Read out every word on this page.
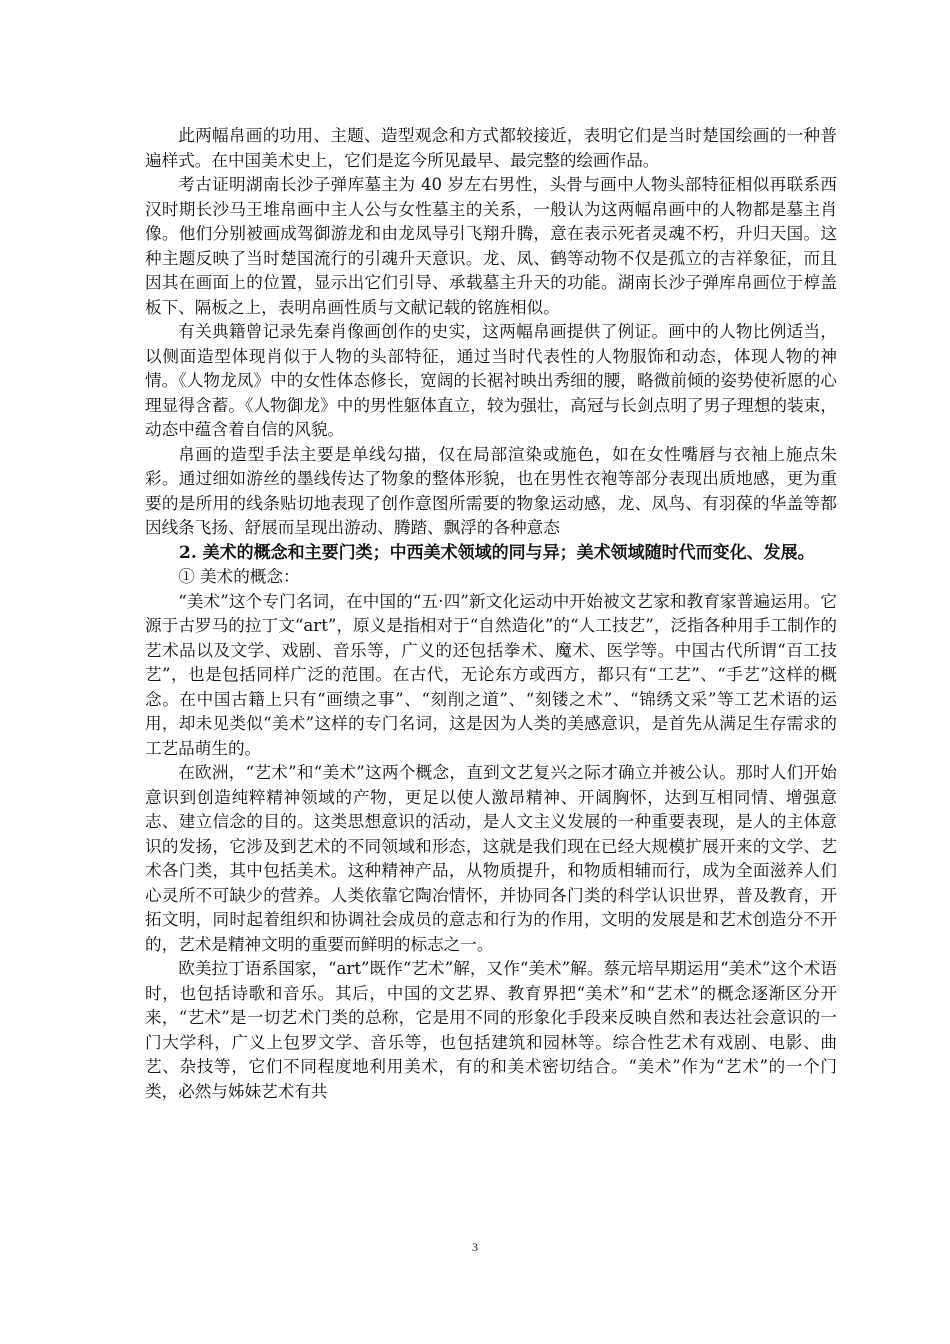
此两幅帛画的功用、主题、造型观念和方式都较接近，表明它们是当时楚国绘画的一种普遍样式。在中国美术史上，它们是迄今所见最早、最完整的绘画作品。

考古证明湖南长沙子弹库墓主为 40 岁左右男性，头骨与画中人物头部特征相似再联系西汉时期长沙马王堆帛画中主人公与女性墓主的关系，一般认为这两幅帛画中的人物都是墓主肖像。他们分别被画成驾御游龙和由龙凤导引飞翔升腾，意在表示死者灵魂不朽，升归天国。这种主题反映了当时楚国流行的引魂升天意识。龙、凤、鹤等动物不仅是孤立的吉祥象征，而且因其在画面上的位置，显示出它们引导、承载墓主升天的功能。湖南长沙子弹库帛画位于椁盖板下、隔板之上，表明帛画性质与文献记载的铭旌相似。

有关典籍曾记录先秦肖像画创作的史实，这两幅帛画提供了例证。画中的人物比例适当，以侧面造型体现肖似于人物的头部特征，通过当时代表性的人物服饰和动态，体现人物的神情。《人物龙凤》中的女性体态修长，宽阔的长裾衬映出秀细的腰，略微前倾的姿势使祈愿的心理显得含蓄。《人物御龙》中的男性躯体直立，较为强壮，高冠与长剑点明了男子理想的装束，动态中蕴含着自信的风貌。

帛画的造型手法主要是单线勾描，仅在局部渲染或施色，如在女性嘴唇与衣袖上施点朱彩。通过细如游丝的墨线传达了物象的整体形貌，也在男性衣袍等部分表现出质地感，更为重要的是所用的线条贴切地表现了创作意图所需要的物象运动感，龙、凤鸟、有羽葆的华盖等都因线条飞扬、舒展而呈现出游动、腾踏、飘浮的各种意态

2. 美术的概念和主要门类；中西美术领域的同与异；美术领域随时代而变化、发展。

① 美术的概念：

“美术”这个专门名词，在中国的“五·四”新文化运动中开始被文艺家和教育家普遍运用。它源于古罗马的拉丁文“art”，原义是指相对于“自然造化”的“人工技艺”，泛指各种用手工制作的艺术品以及文学、戏剧、音乐等，广义的还包括拳术、魔术、医学等。中国古代所谓“百工技艺”，也是包括同样广泛的范围。在古代，无论东方或西方，都只有“工艺”、“手艺”这样的概念。在中国古籍上只有“画缋之事”、“刻削之道”、“刻镂之术”、“锦绣文采”等工艺术语的运用，却未见类似“美术”这样的专门名词，这是因为人类的美感意识，是首先从满足生存需求的工艺品萌生的。

在欧洲，“艺术”和“美术”这两个概念，直到文艺复兴之际才确立并被公认。那时人们开始意识到创造纯粹精神领域的产物，更足以使人激昂精神、开阔胸怀，达到互相同情、增强意志、建立信念的目的。这类思想意识的活动，是人文主义发展的一种重要表现，是人的主体意识的发扬，它涉及到艺术的不同领域和形态，这就是我们现在已经大规模扩展开来的文学、艺术各门类，其中包括美术。这种精神产品，从物质提升，和物质相辅而行，成为全面滋养人们心灵所不可缺少的营养。人类依靠它陶冶情怀，并协同各门类的科学认识世界，普及教育，开拓文明，同时起着组织和协调社会成员的意志和行为的作用，文明的发展是和艺术创造分不开的，艺术是精神文明的重要而鲜明的标志之一。

欧美拉丁语系国家，“art”既作“艺术”解，又作“美术”解。蔡元培早期运用“美术”这个术语时，也包括诗歌和音乐。其后，中国的文艺界、教育界把“美术”和“艺术”的概念逐渐区分开来，“艺术”是一切艺术门类的总称，它是用不同的形象化手段来反映自然和表达社会意识的一门大学科，广义上包罗文学、音乐等，也包括建筑和园林等。综合性艺术有戏剧、电影、曲艺、杂技等，它们不同程度地利用美术，有的和美术密切结合。“美术”作为“艺术”的一个门类，必然与姊妹艺术有共

3
